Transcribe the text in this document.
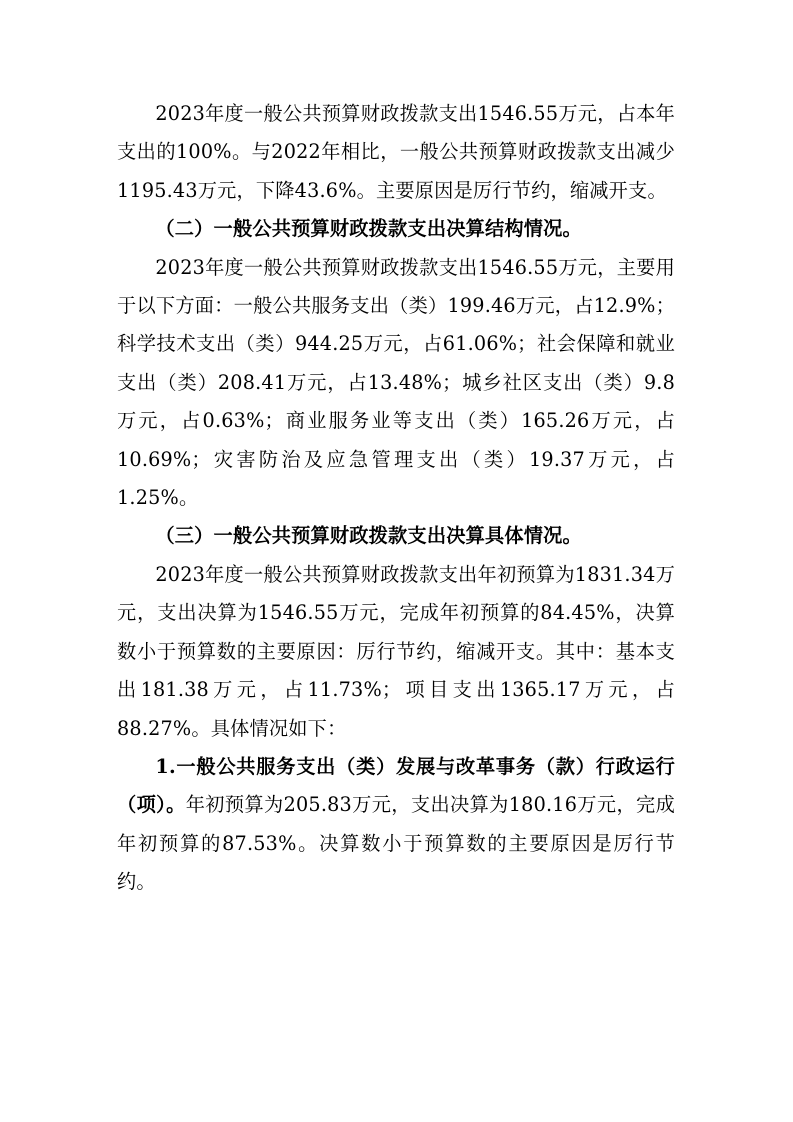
2023年度一般公共预算财政拨款支出1546.55万元，占本年支出的100%。与2022年相比，一般公共预算财政拨款支出减少1195.43万元，下降43.6%。主要原因是厉行节约，缩减开支。

（二）一般公共预算财政拨款支出决算结构情况。

2023年度一般公共预算财政拨款支出1546.55万元，主要用于以下方面：一般公共服务支出（类）199.46万元，占12.9%；科学技术支出（类）944.25万元，占61.06%；社会保障和就业支出（类）208.41万元，占13.48%；城乡社区支出（类）9.8万元，占0.63%；商业服务业等支出（类）165.26万元，占10.69%；灾害防治及应急管理支出（类）19.37万元，占1.25%。

（三）一般公共预算财政拨款支出决算具体情况。

2023年度一般公共预算财政拨款支出年初预算为1831.34万元，支出决算为1546.55万元，完成年初预算的84.45%，决算数小于预算数的主要原因：厉行节约，缩减开支。其中：基本支出181.38万元，占11.73%；项目支出1365.17万元，占88.27%。具体情况如下：

1.一般公共服务支出（类）发展与改革事务（款）行政运行（项）。年初预算为205.83万元，支出决算为180.16万元，完成年初预算的87.53%。决算数小于预算数的主要原因是厉行节约。
